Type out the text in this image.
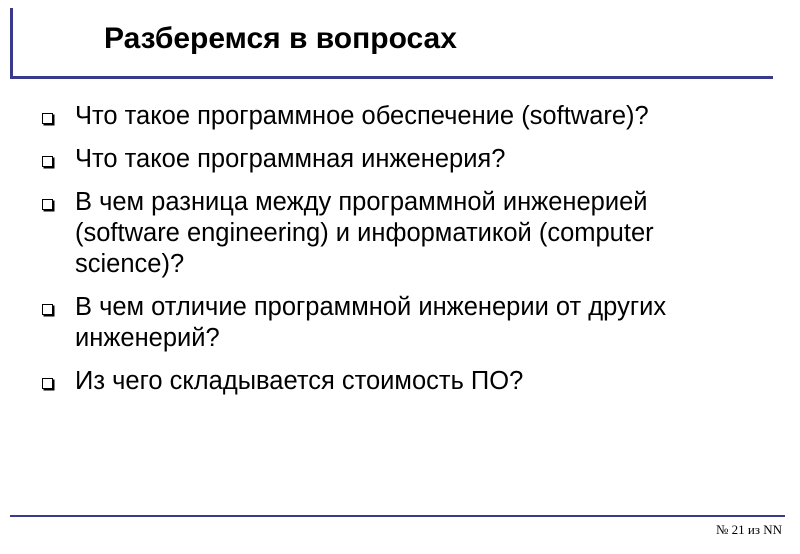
Разберемся в вопросах
Что такое программное обеспечение (software)?
Что такое программная инженерия?
В чем разница между программной инженерией (software engineering) и информатикой (computer science)?
В чем отличие программной инженерии от других инженерий?
Из чего складывается стоимость ПО?
№ 21 из NN
